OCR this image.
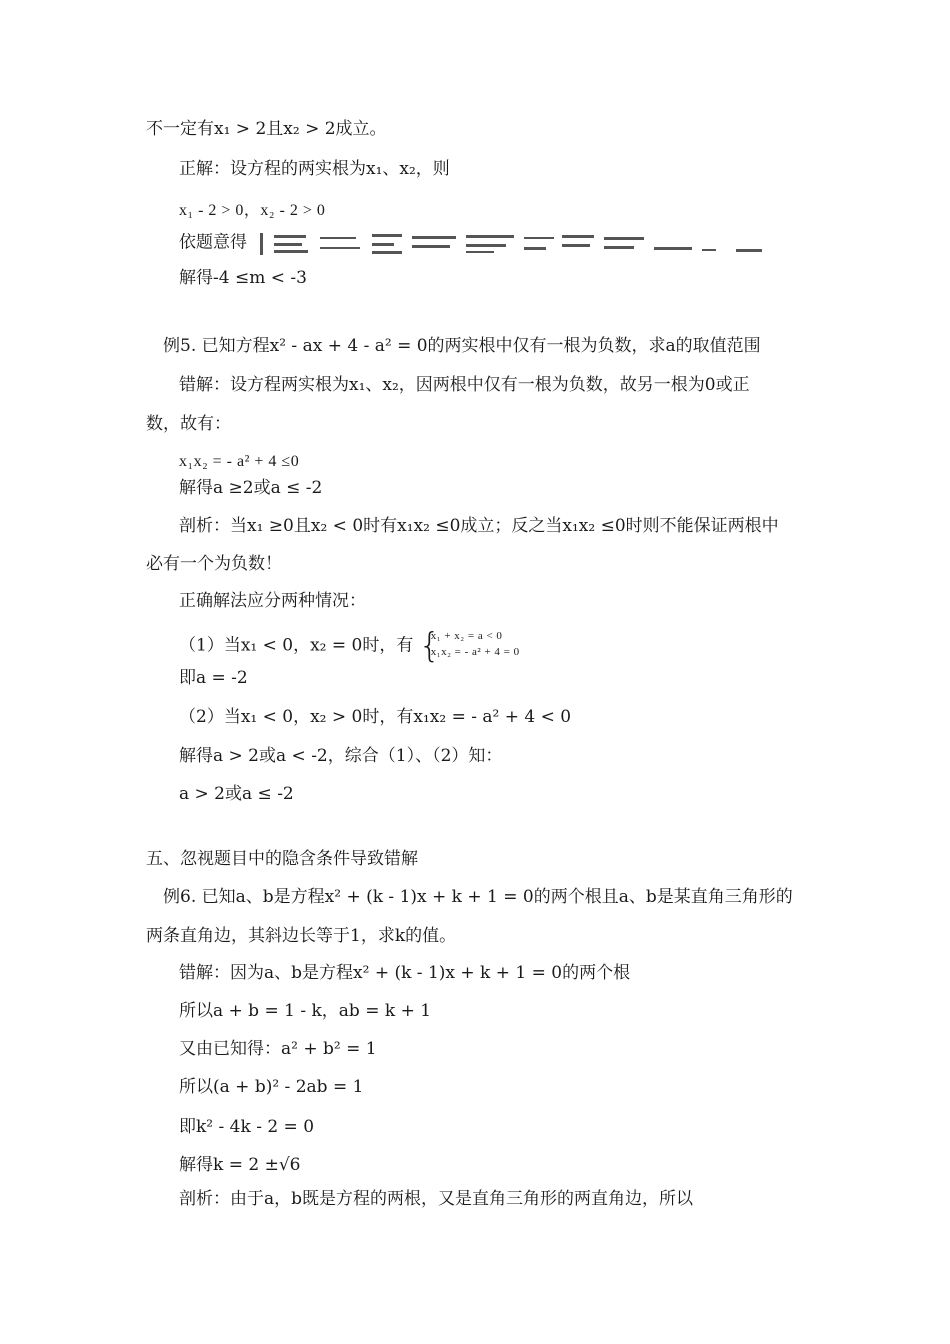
不一定有x₁ > 2且x₂ > 2成立。
正解：设方程的两实根为x₁、x₂，则
x₁ - 2 > 0，x₂ - 2 > 0
依题意得
解得-4 ≤m < -3
例5. 已知方程x² - ax + 4 - a² = 0的两实根中仅有一根为负数，求a的取值范围
错解：设方程两实根为x₁、x₂，因两根中仅有一根为负数，故另一根为0或正
数，故有：
x₁x₂ = - a² + 4 ≤0
解得a ≥2或a ≤ -2
剖析：当x₁ ≥0且x₂ < 0时有x₁x₂ ≤0成立；反之当x₁x₂ ≤0时则不能保证两根中
必有一个为负数！
正确解法应分两种情况：
（1）当x₁ < 0，x₂ = 0时，有 {
x₁ + x₂ = a < 0
x₁x₂ = - a² + 4 = 0
即a = -2
（2）当x₁ < 0，x₂ > 0时，有x₁x₂ = - a² + 4 < 0
解得a > 2或a < -2，综合（1）、（2）知：
a > 2或a ≤ -2
五、忽视题目中的隐含条件导致错解
例6. 已知a、b是方程x² + (k - 1)x + k + 1 = 0的两个根且a、b是某直角三角形的
两条直角边，其斜边长等于1，求k的值。
错解：因为a、b是方程x² + (k - 1)x + k + 1 = 0的两个根
所以a + b = 1 - k，ab = k + 1
又由已知得：a² + b² = 1
所以(a + b)² - 2ab = 1
即k² - 4k - 2 = 0
解得k = 2 ±√6
剖析：由于a，b既是方程的两根，又是直角三角形的两直角边，所以
